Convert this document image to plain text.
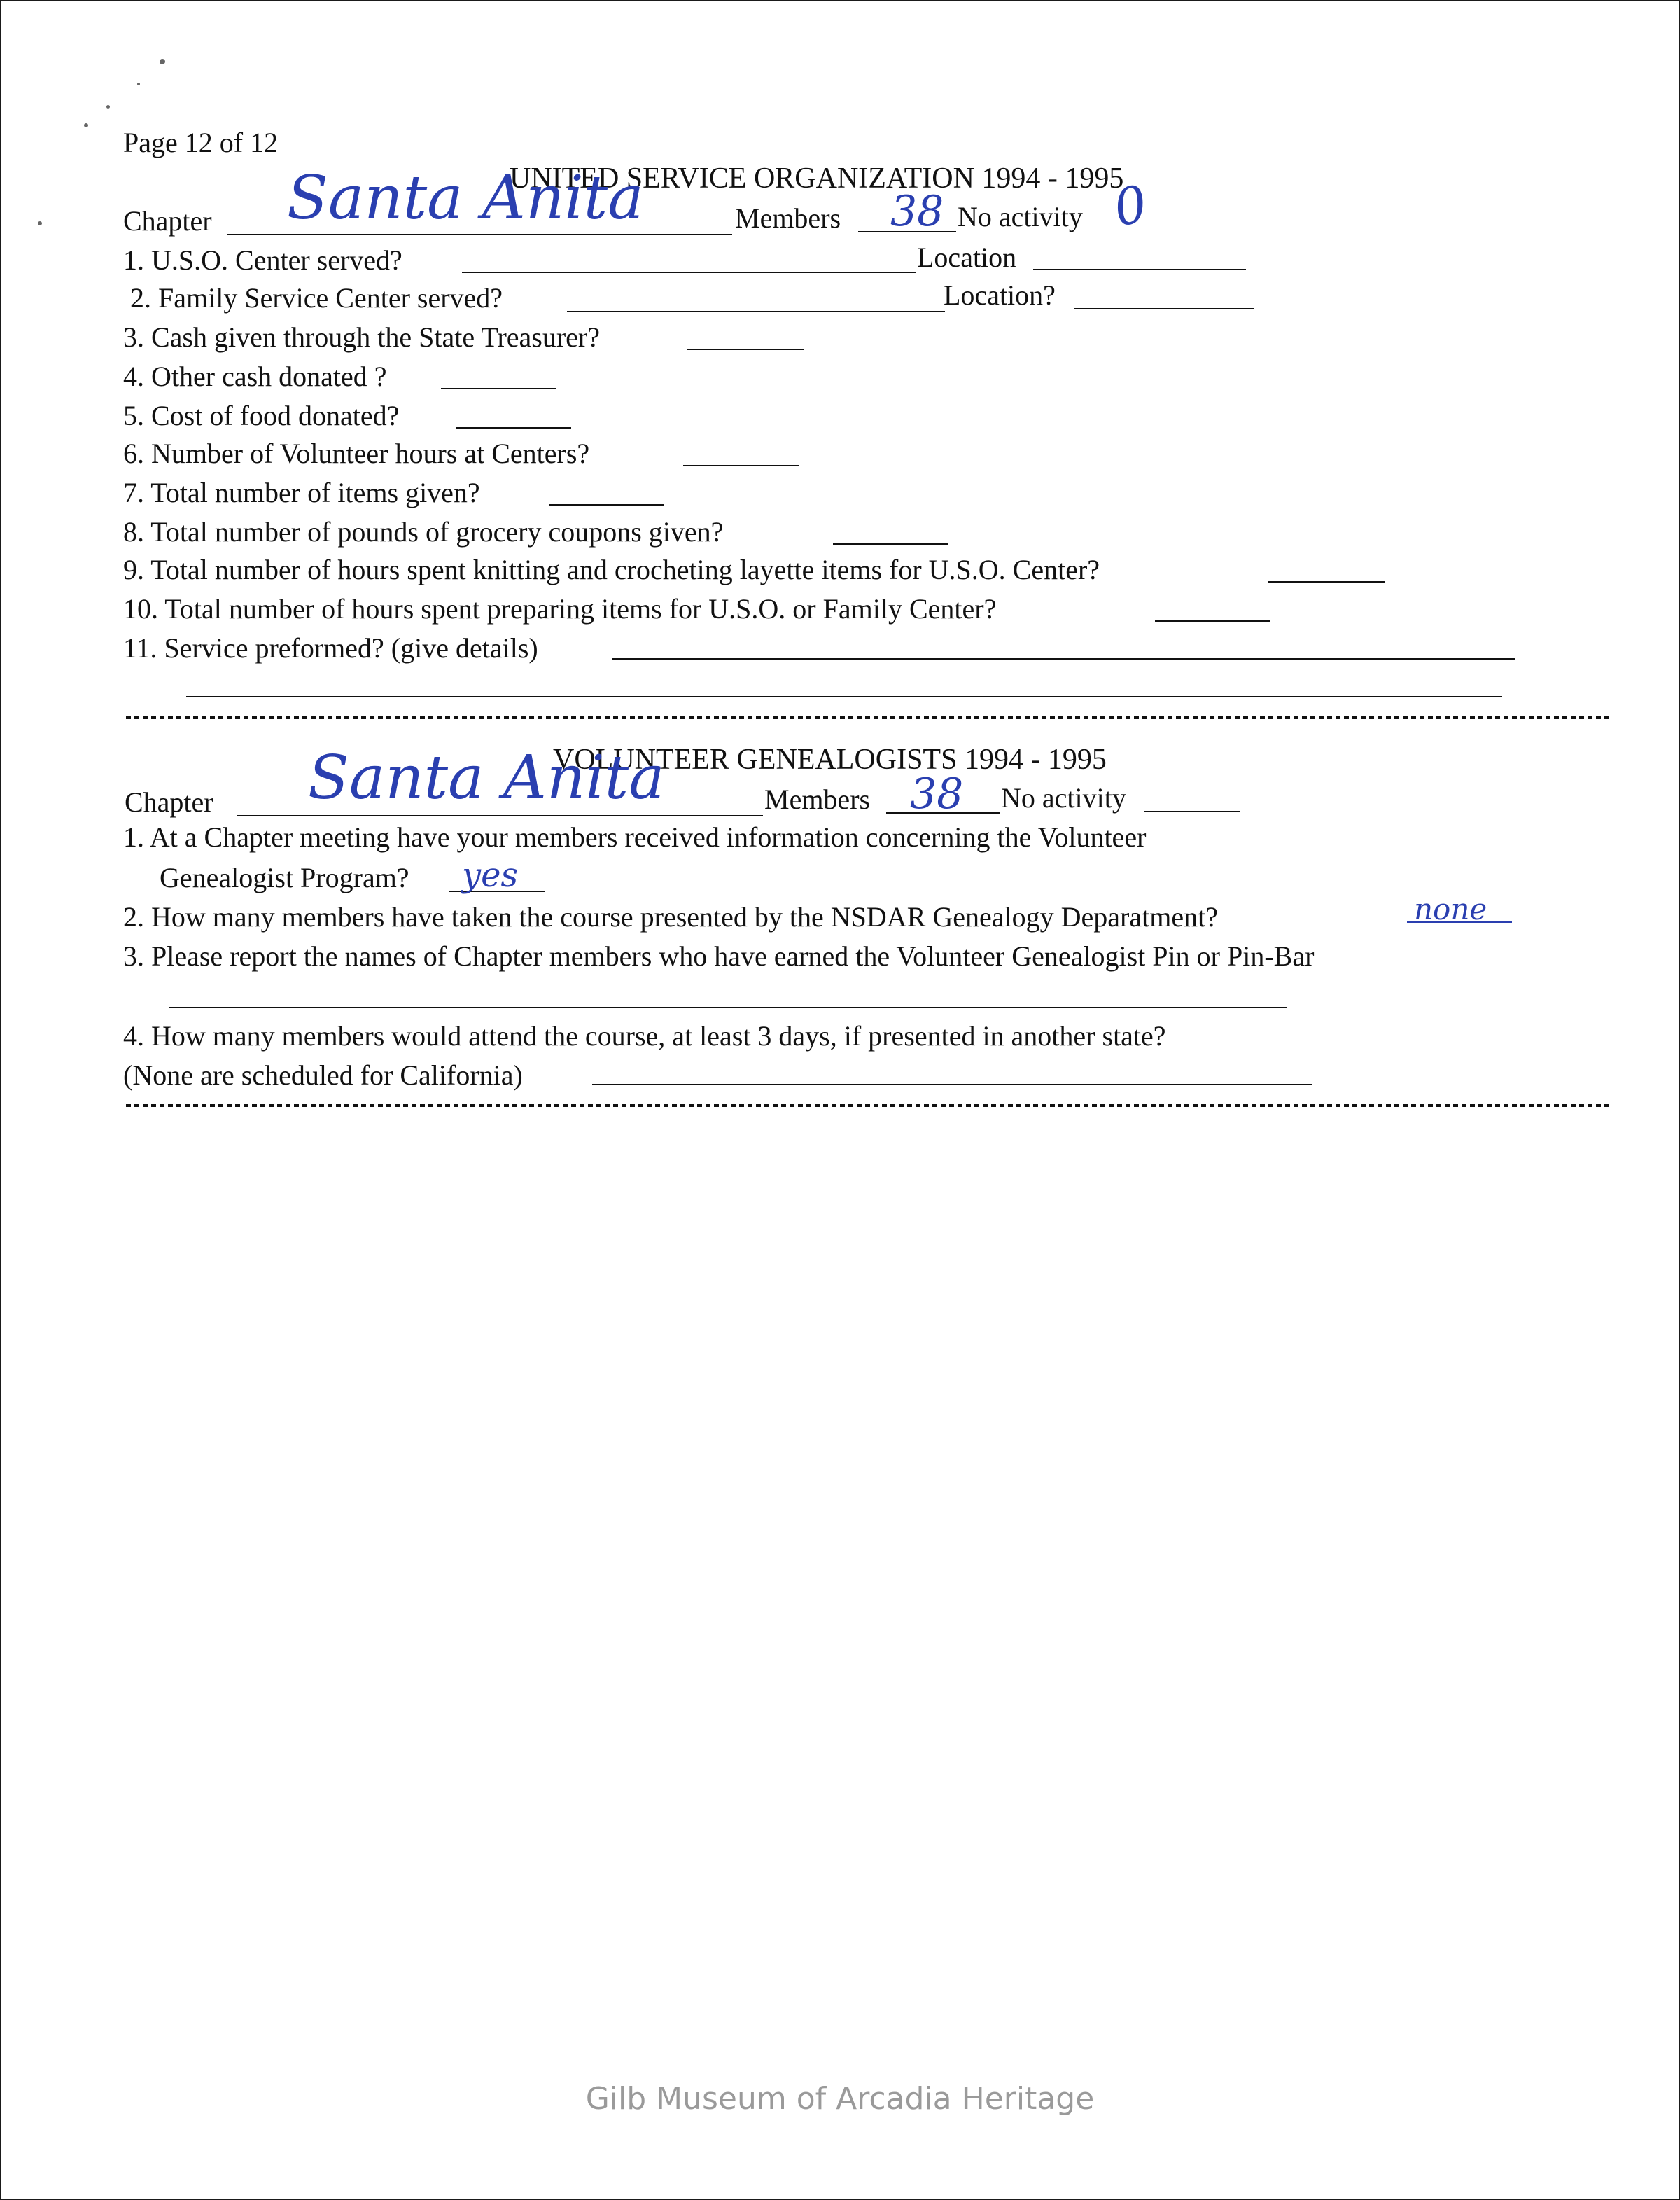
Page 12 of 12
UNITED SERVICE ORGANIZATION 1994 - 1995
Chapter Santa Anita	Members 38 No activity 0
1. U.S.O. Center served?	Location
2. Family Service Center served?	Location?
3. Cash given through the State Treasurer?
4. Other cash donated ?
5. Cost of food donated?
6. Number of Volunteer hours at Centers?
7. Total number of items given?
8. Total number of pounds of grocery coupons given?
9. Total number of hours spent knitting and crocheting layette items for U.S.O. Center?
10. Total number of hours spent preparing items for U.S.O. or Family Center?
11. Service preformed? (give details)
VOLUNTEER GENEALOGISTS 1994 - 1995
Chapter Santa Anita	Members 38 No activity
1. At a Chapter meeting have your members received information concerning the Volunteer
Genealogist Program? yes
2. How many members have taken the course presented by the NSDAR Genealogy Deparatment?	none
3. Please report the names of Chapter members who have earned the Volunteer Genealogist Pin or Pin-Bar
4. How many members would attend the course, at least 3 days, if presented in another state?
(None are scheduled for California)
Gilb Museum of Arcadia Heritage
